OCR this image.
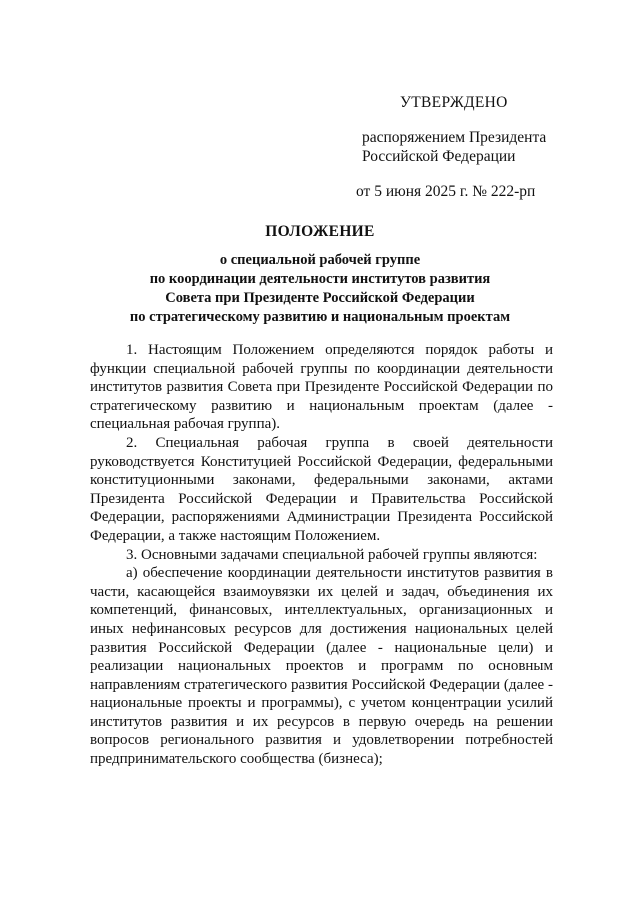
УТВЕРЖДЕНО
распоряжением Президента
Российской Федерации
от 5 июня 2025 г. № 222-рп
ПОЛОЖЕНИЕ
о специальной рабочей группе
по координации деятельности институтов развития
Совета при Президенте Российской Федерации
по стратегическому развитию и национальным проектам

1. Настоящим Положением определяются порядок работы и функции специальной рабочей группы по координации деятельности институтов развития Совета при Президенте Российской Федерации по стратегическому развитию и национальным проектам (далее - специальная рабочая группа).

2. Специальная рабочая группа в своей деятельности руководствуется Конституцией Российской Федерации, федеральными конституционными законами, федеральными законами, актами Президента Российской Федерации и Правительства Российской Федерации, распоряжениями Администрации Президента Российской Федерации, а также настоящим Положением.

3. Основными задачами специальной рабочей группы являются:

а) обеспечение координации деятельности институтов развития в части, касающейся взаимоувязки их целей и задач, объединения их компетенций, финансовых, интеллектуальных, организационных и иных нефинансовых ресурсов для достижения национальных целей развития Российской Федерации (далее - национальные цели) и реализации национальных проектов и программ по основным направлениям стратегического развития Российской Федерации (далее - национальные проекты и программы), с учетом концентрации усилий институтов развития и их ресурсов в первую очередь на решении вопросов регионального развития и удовлетворении потребностей предпринимательского сообщества (бизнеса);
